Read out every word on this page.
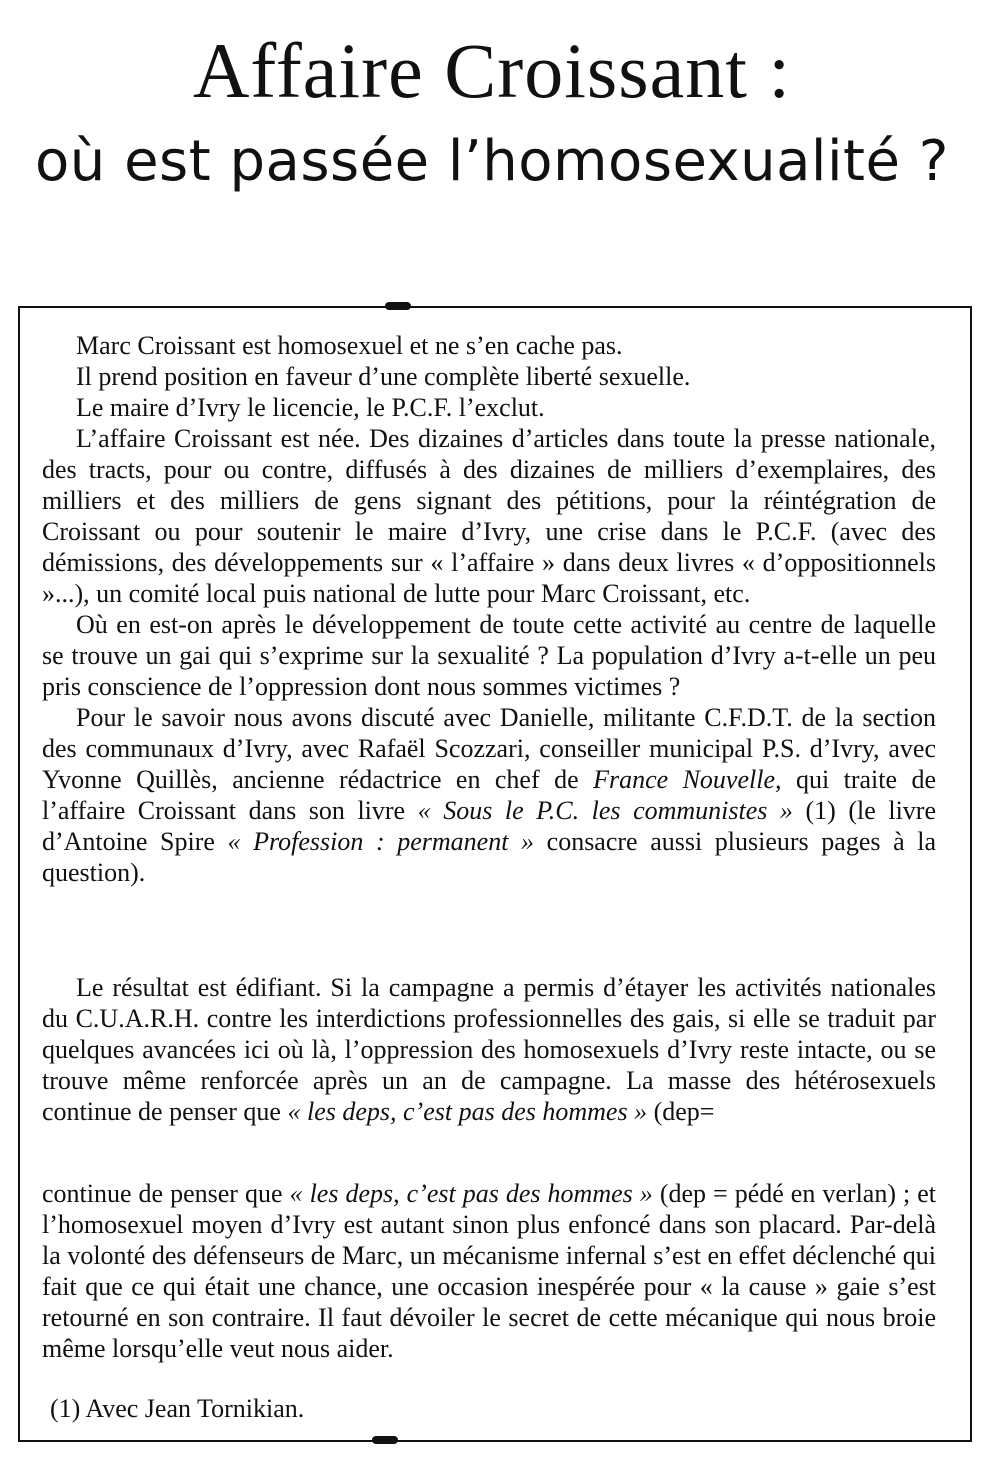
Affaire Croissant :
où est passée l’homosexualité ?

Marc Croissant est homosexuel et ne s’en cache pas.

Il prend position en faveur d’une complète liberté sexuelle.

Le maire d’Ivry le licencie, le P.C.F. l’exclut.

L’affaire Croissant est née. Des dizaines d’articles dans toute la presse nationale, des tracts, pour ou contre, diffusés à des dizaines de milliers d’exemplaires, des milliers et des milliers de gens signant des pétitions, pour la réintégration de Croissant ou pour soutenir le maire d’Ivry, une crise dans le P.C.F. (avec des démissions, des développements sur « l’affaire » dans deux livres « d’oppositionnels »...), un comité local puis national de lutte pour Marc Croissant, etc.

Où en est-on après le développement de toute cette activité au centre de laquelle se trouve un gai qui s’exprime sur la sexualité ? La population d’Ivry a-t-elle un peu pris conscience de l’oppression dont nous sommes victimes ?

Pour le savoir nous avons discuté avec Danielle, militante C.F.D.T. de la section des communaux d’Ivry, avec Rafaël Scozzari, conseiller municipal P.S. d’Ivry, avec Yvonne Quillès, ancienne rédactrice en chef de France Nouvelle, qui traite de l’affaire Croissant dans son livre « Sous le P.C. les communistes » (1) (le livre d’Antoine Spire « Profession : permanent » consacre aussi plusieurs pages à la question).

Le résultat est édifiant. Si la campagne a permis d’étayer les activités nationales du C.U.A.R.H. contre les interdictions professionnelles des gais, si elle se traduit par quelques avancées ici où là, l’oppression des homosexuels d’Ivry reste intacte, ou se trouve même renforcée après un an de campagne. La masse des hétérosexuels continue de penser que « les deps, c’est pas des hommes » (dep=

continue de penser que « les deps, c’est pas des hommes » (dep = pédé en verlan) ; et l’homosexuel moyen d’Ivry est autant sinon plus enfoncé dans son placard. Par-delà la volonté des défenseurs de Marc, un mécanisme infernal s’est en effet déclenché qui fait que ce qui était une chance, une occasion inespérée pour « la cause » gaie s’est retourné en son contraire. Il faut dévoiler le secret de cette mécanique qui nous broie même lorsqu’elle veut nous aider.

(1) Avec Jean Tornikian.
